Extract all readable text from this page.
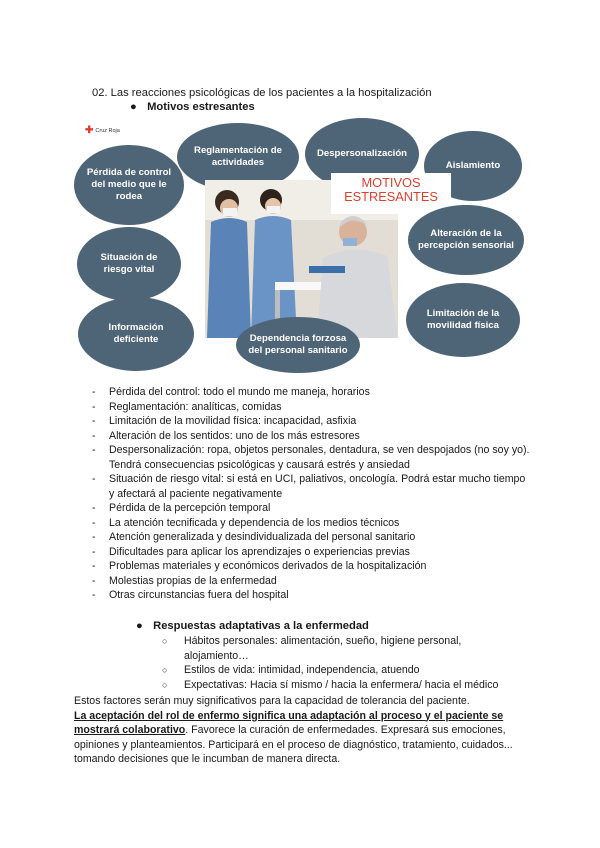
02. Las reacciones psicológicas de los pacientes a la hospitalización
● Motivos estresantes
✚ Cruz Roja
Pérdida de control del medio que le rodea
Reglamentación de actividades
Despersonalización
Aislamiento
MOTIVOS
ESTRESANTES
Situación de riesgo vital
Alteración de la percepción sensorial
Información deficiente	Dependencia forzosa del personal sanitario
Limitación de la movilidad física
- Pérdida del control: todo el mundo me maneja, horarios
- Reglamentación: analíticas, comidas
- Limitación de la movilidad física: incapacidad, asfixia
- Alteración de los sentidos: uno de los más estresores
- Despersonalización: ropa, objetos personales, dentadura, se ven despojados (no soy yo). Tendrá consecuencias psicológicas y causará estrés y ansiedad
- Situación de riesgo vital: si está en UCI, paliativos, oncología. Podrá estar mucho tiempo y afectará al paciente negativamente
- Pérdida de la percepción temporal
- La atención tecnificada y dependencia de los medios técnicos
- Atención generalizada y desindividualizada del personal sanitario
- Dificultades para aplicar los aprendizajes o experiencias previas
- Problemas materiales y económicos derivados de la hospitalización
- Molestias propias de la enfermedad
- Otras circunstancias fuera del hospital
● Respuestas adaptativas a la enfermedad
○ Hábitos personales: alimentación, sueño, higiene personal, alojamiento…
○ Estilos de vida: intimidad, independencia, atuendo
○ Expectativas: Hacia sí mismo / hacia la enfermera/ hacia el médico
Estos factores serán muy significativos para la capacidad de tolerancia del paciente.
La aceptación del rol de enfermo significa una adaptación al proceso y el paciente se mostrará colaborativo. Favorece la curación de enfermedades. Expresará sus emociones, opiniones y planteamientos. Participará en el proceso de diagnóstico, tratamiento, cuidados... tomando decisiones que le incumban de manera directa.
